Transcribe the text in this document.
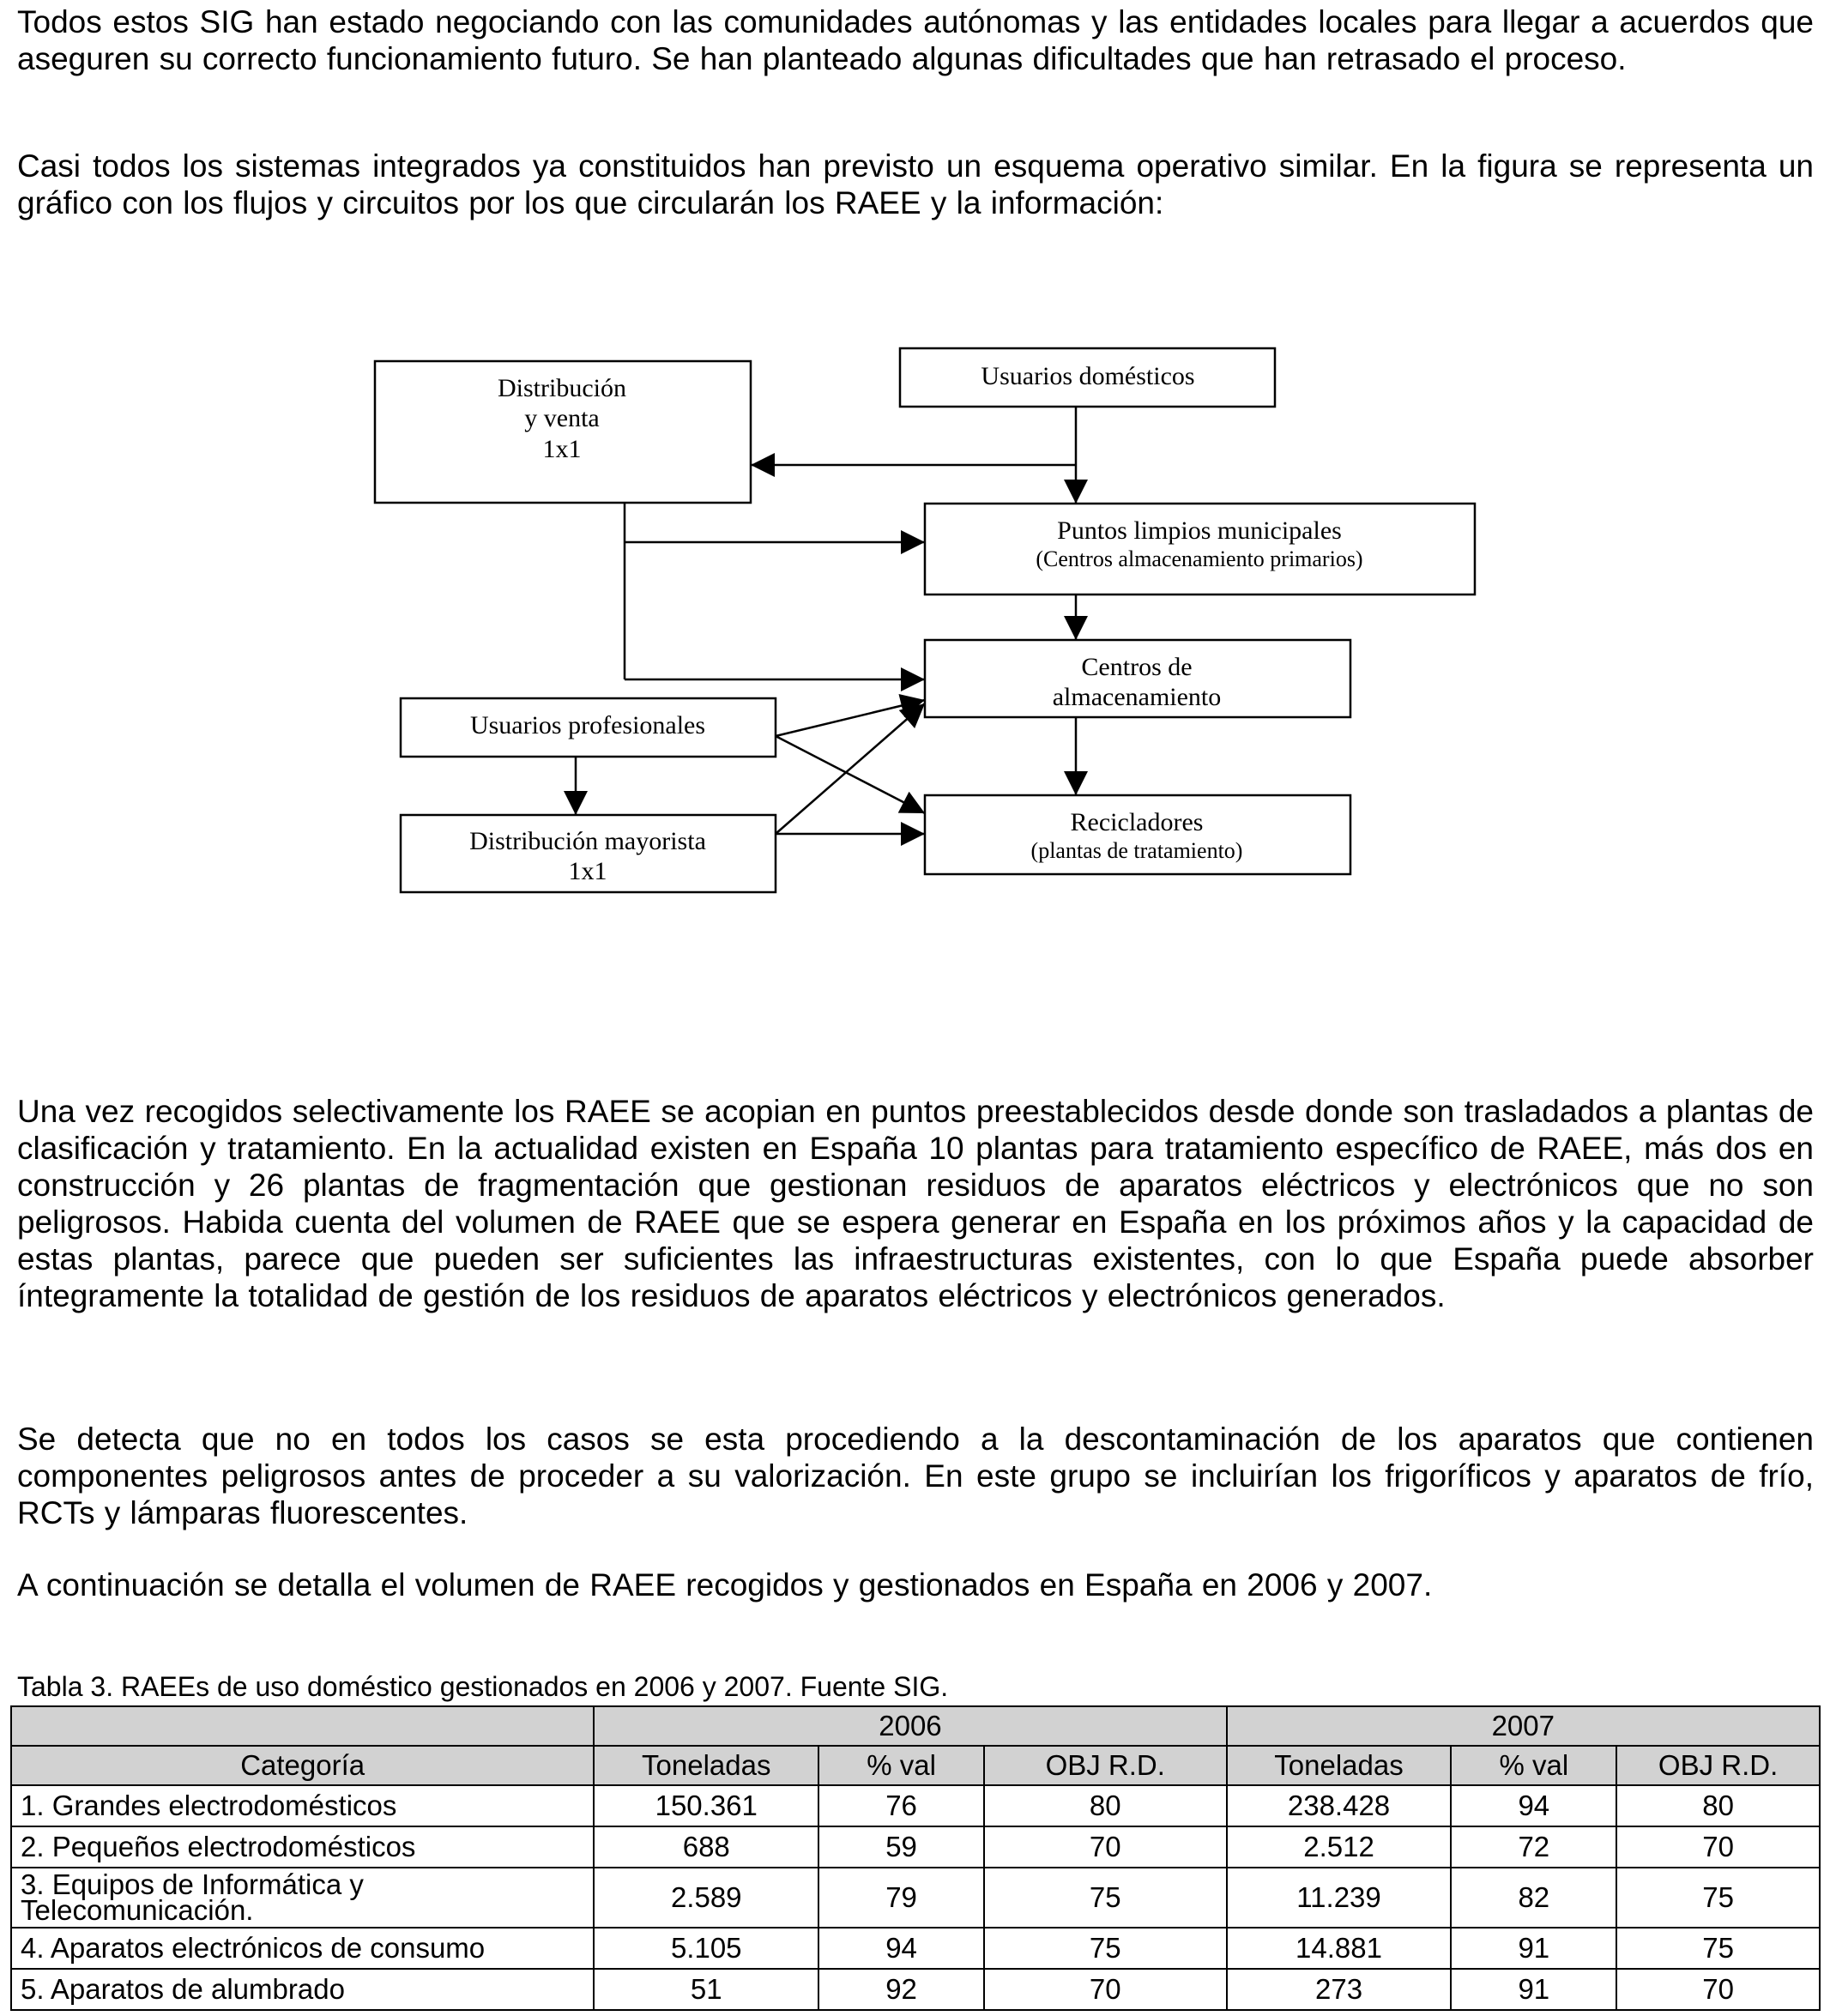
Todos estos SIG han estado negociando con las comunidades autónomas y las entidades locales para llegar a acuerdos que aseguren su correcto funcionamiento futuro. Se han planteado algunas dificultades que han retrasado el proceso.

Casi todos los sistemas integrados ya constituidos han previsto un esquema operativo similar. En la figura se representa un gráfico con los flujos y circuitos por los que circularán los RAEE y la información:

Distribución
y venta
1x1
Usuarios domésticos
Puntos limpios municipales
(Centros almacenamiento primarios)
Centros de
almacenamiento
Usuarios profesionales
Distribución mayorista
1x1
Recicladores
(plantas de tratamiento)

Una vez recogidos selectivamente los RAEE se acopian en puntos preestablecidos desde donde son trasladados a plantas de clasificación y tratamiento. En la actualidad existen en España 10 plantas para tratamiento específico de RAEE, más dos en construcción y 26 plantas de fragmentación que gestionan residuos de aparatos eléctricos y electrónicos que no son peligrosos. Habida cuenta del volumen de RAEE que se espera generar en España en los próximos años y la capacidad de estas plantas, parece que pueden ser suficientes las infraestructuras existentes, con lo que España puede absorber íntegramente la totalidad de gestión de los residuos de aparatos eléctricos y electrónicos generados.

Se detecta que no en todos los casos se esta procediendo a la descontaminación de los aparatos que contienen componentes peligrosos antes de proceder a su valorización. En este grupo se incluirían los frigoríficos y aparatos de frío, RCTs y lámparas fluorescentes.

A continuación se detalla el volumen de RAEE recogidos y gestionados en España en 2006 y 2007.

Tabla 3. RAEEs de uso doméstico gestionados en 2006 y 2007. Fuente SIG.

	2006			2007		
Categoría	Toneladas	% val	OBJ R.D.	Toneladas	% val	OBJ R.D.
1. Grandes electrodomésticos	150.361	76	80	238.428	94	80
2. Pequeños electrodomésticos	688	59	70	2.512	72	70
3. Equipos de Informática y Telecomunicación.	2.589	79	75	11.239	82	75
4. Aparatos electrónicos de consumo	5.105	94	75	14.881	91	75
5. Aparatos de alumbrado	51	92	70	273	91	70
